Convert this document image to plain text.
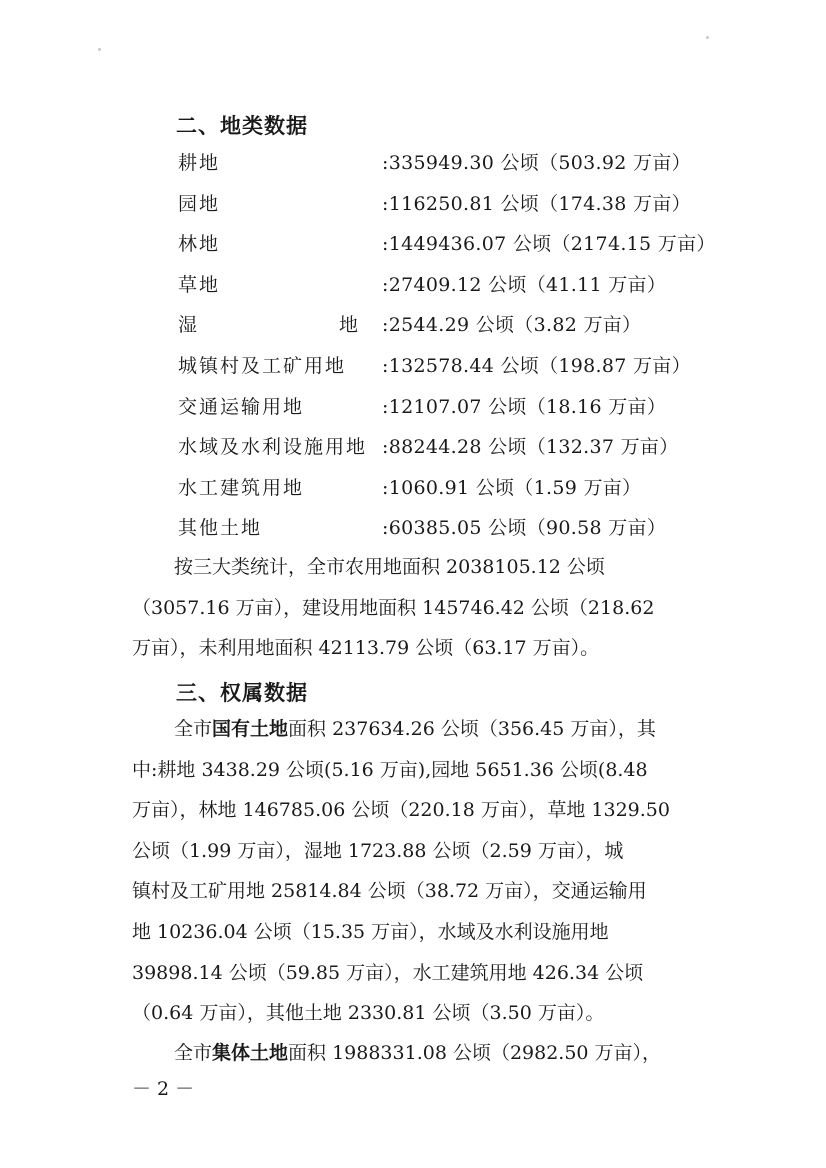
二、地类数据
耕地	:335949.30 公顷（503.92 万亩）
园地	:116250.81 公顷（174.38 万亩）
林地	:1449436.07 公顷（2174.15 万亩）
草地	:27409.12 公顷（41.11 万亩）
湿	地 :2544.29 公顷（3.82 万亩）
城镇村及工矿用地 :132578.44 公顷（198.87 万亩）
交通运输用地	:12107.07 公顷（18.16 万亩）
水域及水利设施用地 :88244.28 公顷（132.37 万亩）
水工建筑用地	:1060.91 公顷（1.59 万亩）
其他土地	:60385.05 公顷（90.58 万亩）
按三大类统计，全市农用地面积 2038105.12 公顷
（3057.16 万亩），建设用地面积 145746.42 公顷（218.62
万亩），未利用地面积 42113.79 公顷（63.17 万亩）。
三、权属数据
全市国有土地面积 237634.26 公顷（356.45 万亩），其
中:耕地 3438.29 公顷(5.16 万亩),园地 5651.36 公顷(8.48
万亩），林地 146785.06 公顷（220.18 万亩），草地 1329.50
公顷（1.99 万亩），湿地 1723.88 公顷（2.59 万亩），城
镇村及工矿用地 25814.84 公顷（38.72 万亩），交通运输用
地 10236.04 公顷（15.35 万亩），水域及水利设施用地
39898.14 公顷（59.85 万亩），水工建筑用地 426.34 公顷
（0.64 万亩），其他土地 2330.81 公顷（3.50 万亩）。
全市 集体土地 面积 1988331.08 公顷（2982.50 万亩），
－ 2 －
